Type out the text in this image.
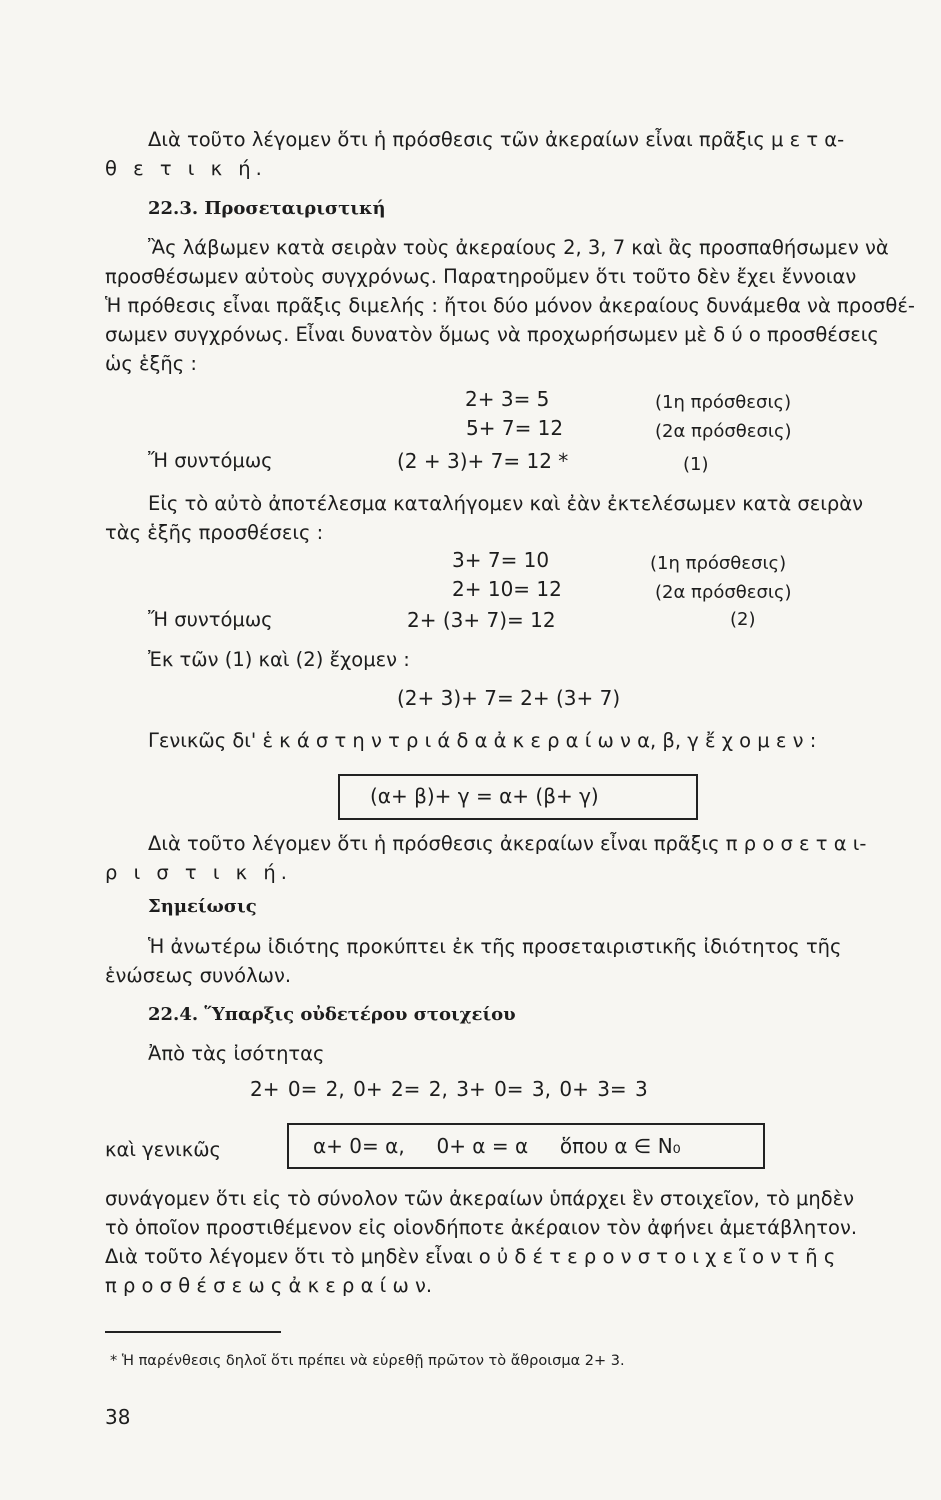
Διὰ τοῦτο λέγομεν ὅτι ἡ πρόσθεσις τῶν ἀκεραίων εἶναι πρᾶξις μ ε τ α-
θ ε τ ι κ ή.
22.3. Προσεταιριστική
Ἂς λάβωμεν κατὰ σειρὰν τοὺς ἀκεραίους 2, 3, 7 καὶ ἂς προσπαθήσωμεν νὰ
προσθέσωμεν αὐτοὺς συγχρόνως. Παρατηροῦμεν ὅτι τοῦτο δὲν ἔχει ἔννοιαν
Ἡ πρόθεσις εἶναι πρᾶξις διμελής : ἤτοι δύο μόνον ἀκεραίους δυνάμεθα νὰ προσθέ-
σωμεν συγχρόνως. Εἶναι δυνατὸν ὅμως νὰ προχωρήσωμεν μὲ δ ύ ο προσθέσεις
ὡς ἑξῆς :
2+ 3= 5	(1η πρόσθεσις)
5+ 7= 12	(2α πρόσθεσις)
Ἤ συντόμως	(2 + 3)+ 7= 12 *	(1)
Εἰς τὸ αὐτὸ ἀποτέλεσμα καταλήγομεν καὶ ἐὰν ἐκτελέσωμεν κατὰ σειρὰν
τὰς ἑξῆς προσθέσεις :
3+ 7= 10	(1η πρόσθεσις)
2+ 10= 12	(2α πρόσθεσις)
Ἤ συντόμως	2+ (3+ 7)= 12	(2)
Ἐκ τῶν (1) καὶ (2) ἔχομεν :
(2+ 3)+ 7= 2+ (3+ 7)
Γενικῶς δι' ἑ κ ά σ τ η ν τ ρ ι ά δ α ἀ κ ε ρ α ί ω ν α, β, γ ἔ χ ο μ ε ν :
(α+ β)+ γ = α+ (β+ γ)
Διὰ τοῦτο λέγομεν ὅτι ἡ πρόσθεσις ἀκεραίων εἶναι πρᾶξις π ρ ο σ ε τ α ι-
ρ ι σ τ ι κ ή.
Σημείωσις
Ἡ ἀνωτέρω ἰδιότης προκύπτει ἐκ τῆς προσεταιριστικῆς ἰδιότητος τῆς
ἑνώσεως συνόλων.
22.4. Ὕπαρξις οὐδετέρου στοιχείου
Ἀπὸ τὰς ἰσότητας
2+ 0= 2, 0+ 2= 2, 3+ 0= 3, 0+ 3= 3
καὶ γενικῶς	α+ 0= α,     0+ α = α     ὅπου α ∈ N₀
συνάγομεν ὅτι εἰς τὸ σύνολον τῶν ἀκεραίων ὑπάρχει ἓν στοιχεῖον, τὸ μηδὲν
τὸ ὁποῖον προστιθέμενον εἰς οἱονδήποτε ἀκέραιον τὸν ἀφήνει ἀμετάβλητον.
Διὰ τοῦτο λέγομεν ὅτι τὸ μηδὲν εἶναι ο ὐ δ έ τ ε ρ ο ν σ τ ο ι χ ε ῖ ο ν τ ῆ ς
π ρ ο σ θ έ σ ε ω ς ἀ κ ε ρ α ί ω ν.
* Ἡ παρένθεσις δηλοῖ ὅτι πρέπει νὰ εὑρεθῇ πρῶτον τὸ ἄθροισμα 2+ 3.
38
